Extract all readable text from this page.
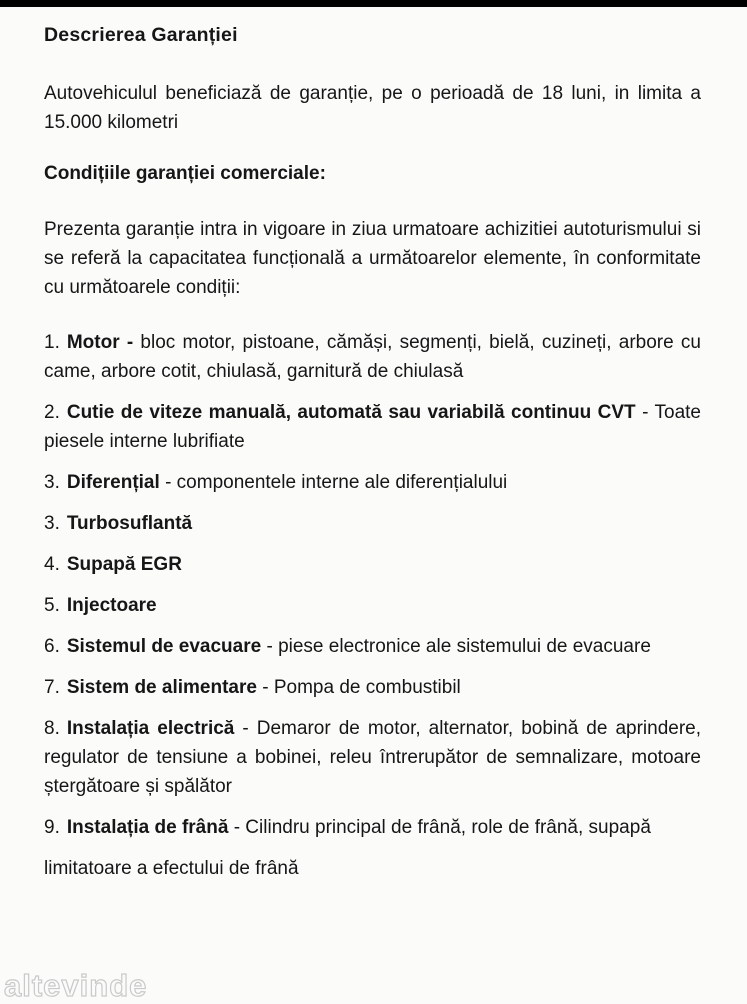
Descrierea Garanției

Autovehiculul beneficiază de garanție, pe o perioadă de 18 luni, in limita a 15.000 kilometri

Condițiile garanției comerciale:

Prezenta garanție intra in vigoare in ziua urmatoare achizitiei autoturismului si se referă la capacitatea funcțională a următoarelor elemente, în conformitate cu următoarele condiții:

1. Motor - bloc motor, pistoane, cămăși, segmenți, bielă, cuzineți, arbore cu came, arbore cotit, chiulasă, garnitură de chiulasă
2. Cutie de viteze manuală, automată sau variabilă continuu CVT - Toate piesele interne lubrifiate
3. Diferențial - componentele interne ale diferențialului
3. Turbosuflantă
4. Supapă EGR
5. Injectoare
6. Sistemul de evacuare - piese electronice ale sistemului de evacuare
7. Sistem de alimentare - Pompa de combustibil
8. Instalația electrică - Demaror de motor, alternator, bobină de aprindere, regulator de tensiune a bobinei, releu întrerupător de semnalizare, motoare ștergătoare și spălător
9. Instalația de frână - Cilindru principal de frână, role de frână, supapă

limitatoare a efectului de frână

altevinde
